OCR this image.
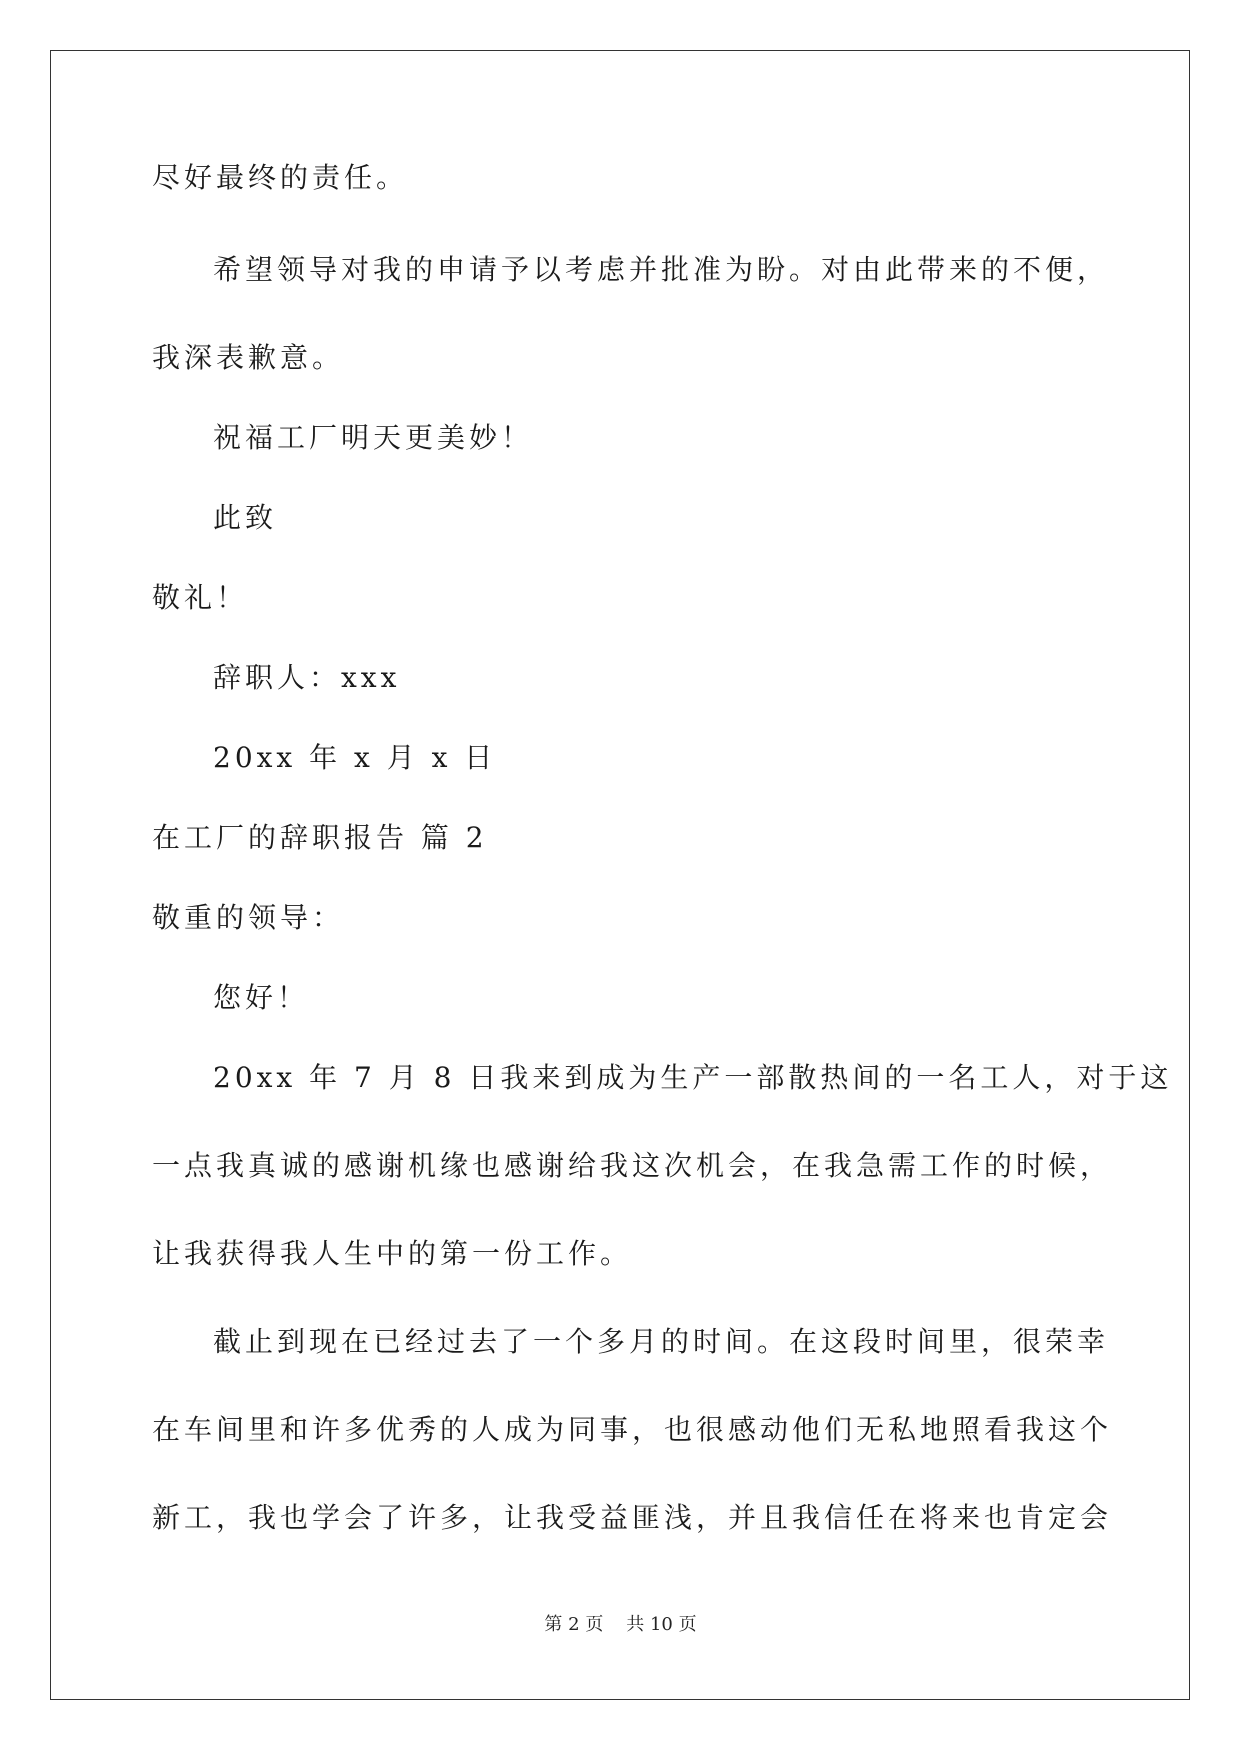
尽好最终的责任。
希望领导对我的申请予以考虑并批准为盼。对由此带来的不便，
我深表歉意。
祝福工厂明天更美妙！
此致
敬礼！
辞职人：xxx
20xx 年 x 月 x 日
在工厂的辞职报告 篇 2
敬重的领导：
您好！
20xx 年 7 月 8 日我来到成为生产一部散热间的一名工人，对于这
一点我真诚的感谢机缘也感谢给我这次机会，在我急需工作的时候，
让我获得我人生中的第一份工作。
截止到现在已经过去了一个多月的时间。在这段时间里，很荣幸
在车间里和许多优秀的人成为同事，也很感动他们无私地照看我这个
新工，我也学会了许多，让我受益匪浅，并且我信任在将来也肯定会
第 2 页 共 10 页
